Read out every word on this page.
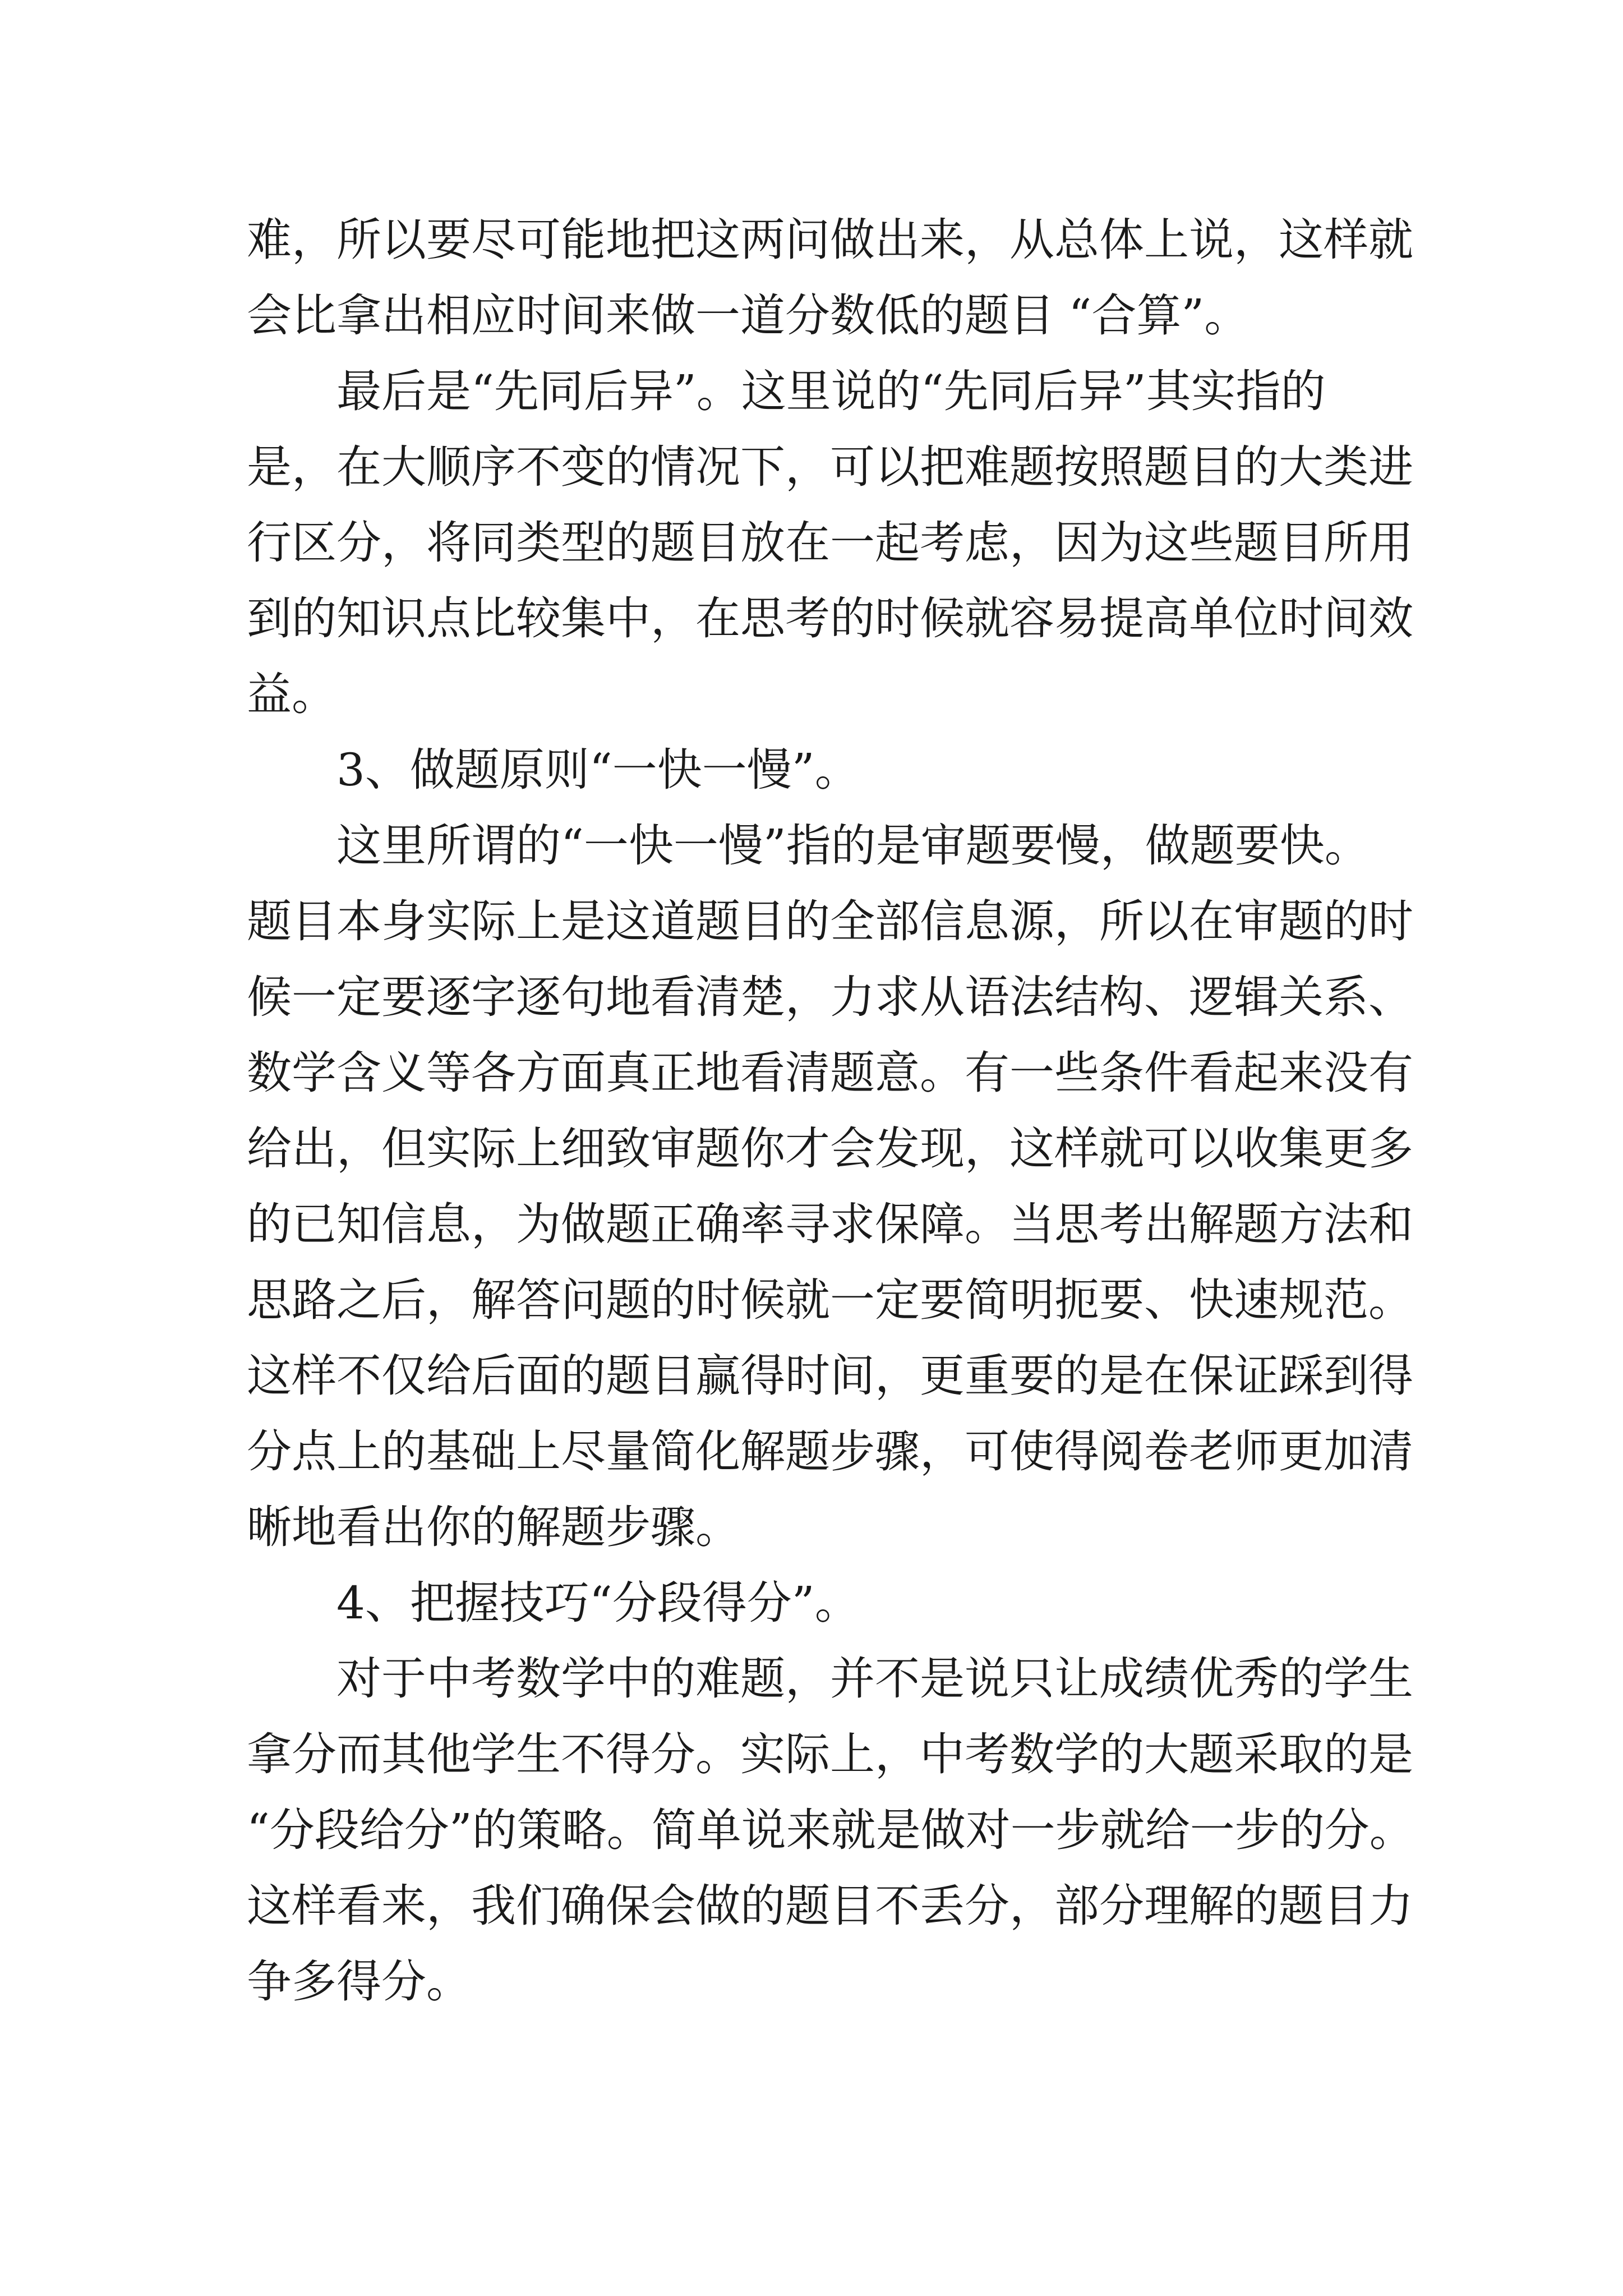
难，所以要尽可能地把这两问做出来，从总体上说，这样就
会比拿出相应时间来做一道分数低的题目 “合算”。
最后是“先同后异”。这里说的“先同后异”其实指的
是，在大顺序不变的情况下，可以把难题按照题目的大类进
行区分，将同类型的题目放在一起考虑，因为这些题目所用
到的知识点比较集中，在思考的时候就容易提高单位时间效
益。
3、做题原则“一快一慢”。
这里所谓的“一快一慢”指的是审题要慢，做题要快。
题目本身实际上是这道题目的全部信息源，所以在审题的时
候一定要逐字逐句地看清楚，力求从语法结构、逻辑关系、
数学含义等各方面真正地看清题意。有一些条件看起来没有
给出，但实际上细致审题你才会发现，这样就可以收集更多
的已知信息，为做题正确率寻求保障。当思考出解题方法和
思路之后，解答问题的时候就一定要简明扼要、快速规范。
这样不仅给后面的题目赢得时间，更重要的是在保证踩到得
分点上的基础上尽量简化解题步骤，可使得阅卷老师更加清
晰地看出你的解题步骤。
4、把握技巧“分段得分”。
对于中考数学中的难题，并不是说只让成绩优秀的学生
拿分而其他学生不得分。实际上，中考数学的大题采取的是
“分段给分”的策略。简单说来就是做对一步就给一步的分。
这样看来，我们确保会做的题目不丢分，部分理解的题目力
争多得分。
